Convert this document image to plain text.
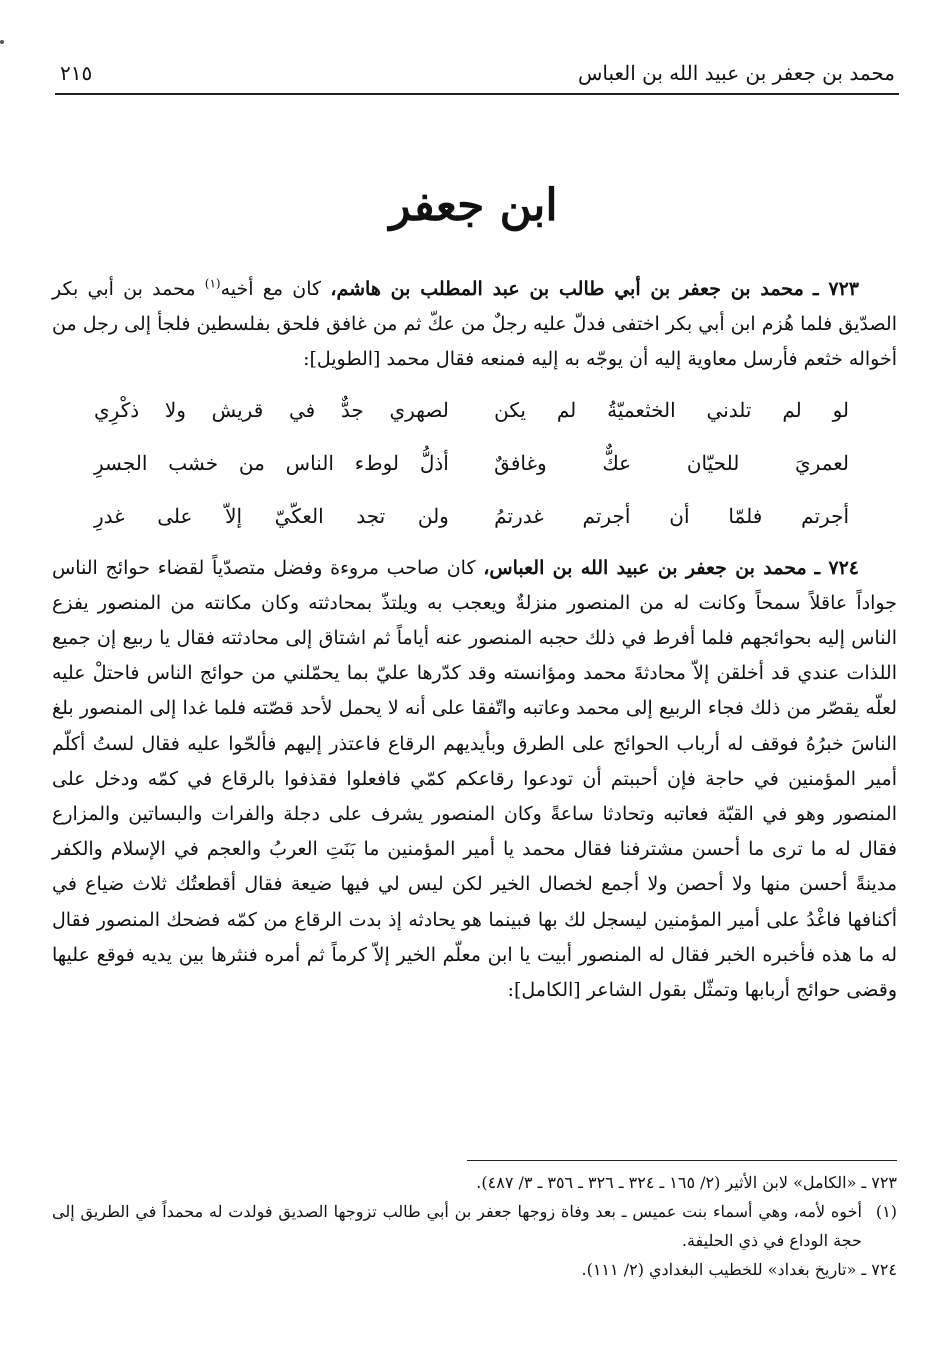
محمد بن جعفر بن عبيد الله بن العباس
٢١٥
ابن جعفر

٧٢٣ ـ محمد بن جعفر بن أبي طالب بن عبد المطلب بن هاشم، كان مع أخيه$^{(١)}$ محمد بن أبي بكر الصدّيق فلما هُزم ابن أبي بكر اختفى فدلّ عليه رجلٌ من عكّ ثم من غافق فلحق بفلسطين فلجأ إلى رجل من أخواله خثعم فأرسل معاوية إليه أن يوجّه به إليه فمنعه فقال محمد [الطويل]:

لو لم تلدني الخثعميّةُ لم يكن
لصهري جدٌّ في قريش ولا ذكْرِي
لعمريَ للحيّان عكٌّ وغافقٌ
أذلُّ لوطء الناس من خشب الجسرِ
أجرتم فلمّا أن أجرتم غدرتمُ
ولن تجد العكّيّ إلاّ على غدرِ

٧٢٤ ـ محمد بن جعفر بن عبيد الله بن العباس، كان صاحب مروءة وفضل متصدّياً لقضاء حوائج الناس جواداً عاقلاً سمحاً وكانت له من المنصور منزلةٌ ويعجب به ويلتذّ بمحادثته وكان مكانته من المنصور يفزع الناس إليه بحوائجهم فلما أفرط في ذلك حجبه المنصور عنه أياماً ثم اشتاق إلى محادثته فقال يا ربيع إن جميع اللذات عندي قد أخلقن إلاّ محادثةَ محمد ومؤانسته وقد كدّرها عليّ بما يحمّلني من حوائج الناس فاحتلْ عليه لعلّه يقصّر من ذلك فجاء الربيع إلى محمد وعاتبه واتّفقا على أنه لا يحمل لأحد قصّته فلما غدا إلى المنصور بلغ الناسَ خبرُهُ فوقف له أرباب الحوائج على الطرق وبأيديهم الرقاع فاعتذر إليهم فألحّوا عليه فقال لستُ أكلّم أمير المؤمنين في حاجة فإن أحببتم أن تودعوا رقاعكم كمّي فافعلوا فقذفوا بالرقاع في كمّه ودخل على المنصور وهو في القبّة فعاتبه وتحادثا ساعةً وكان المنصور يشرف على دجلة والفرات والبساتين والمزارع فقال له ما ترى ما أحسن مشترفنا فقال محمد يا أمير المؤمنين ما بَنَتِ العربُ والعجم في الإسلام والكفر مدينةً أحسن منها ولا أحصن ولا أجمع لخصال الخير لكن ليس لي فيها ضيعة فقال أقطعتُك ثلاث ضياع في أكنافها فاغْدُ على أمير المؤمنين ليسجل لك بها فبينما هو يحادثه إذ بدت الرقاع من كمّه فضحك المنصور فقال له ما هذه فأخبره الخبر فقال له المنصور أبيت يا ابن معلّم الخير إلاّ كرماً ثم أمره فنثرها بين يديه فوقع عليها وقضى حوائج أربابها وتمثّل بقول الشاعر [الكامل]:

٧٢٣ ـ «الكامل» لابن الأثير (٢/ ١٦٥ ـ ٣٢٤ ـ ٣٢٦ ـ ٣٥٦ ـ ٣/ ٤٨٧).

(١)
أخوه لأمه، وهي أسماء بنت عميس ـ بعد وفاة زوجها جعفر بن أبي طالب تزوجها الصديق فولدت له محمداً في الطريق إلى حجة الوداع في ذي الحليفة.

٧٢٤ ـ «تاريخ بغداد» للخطيب البغدادي (٢/ ١١١).
